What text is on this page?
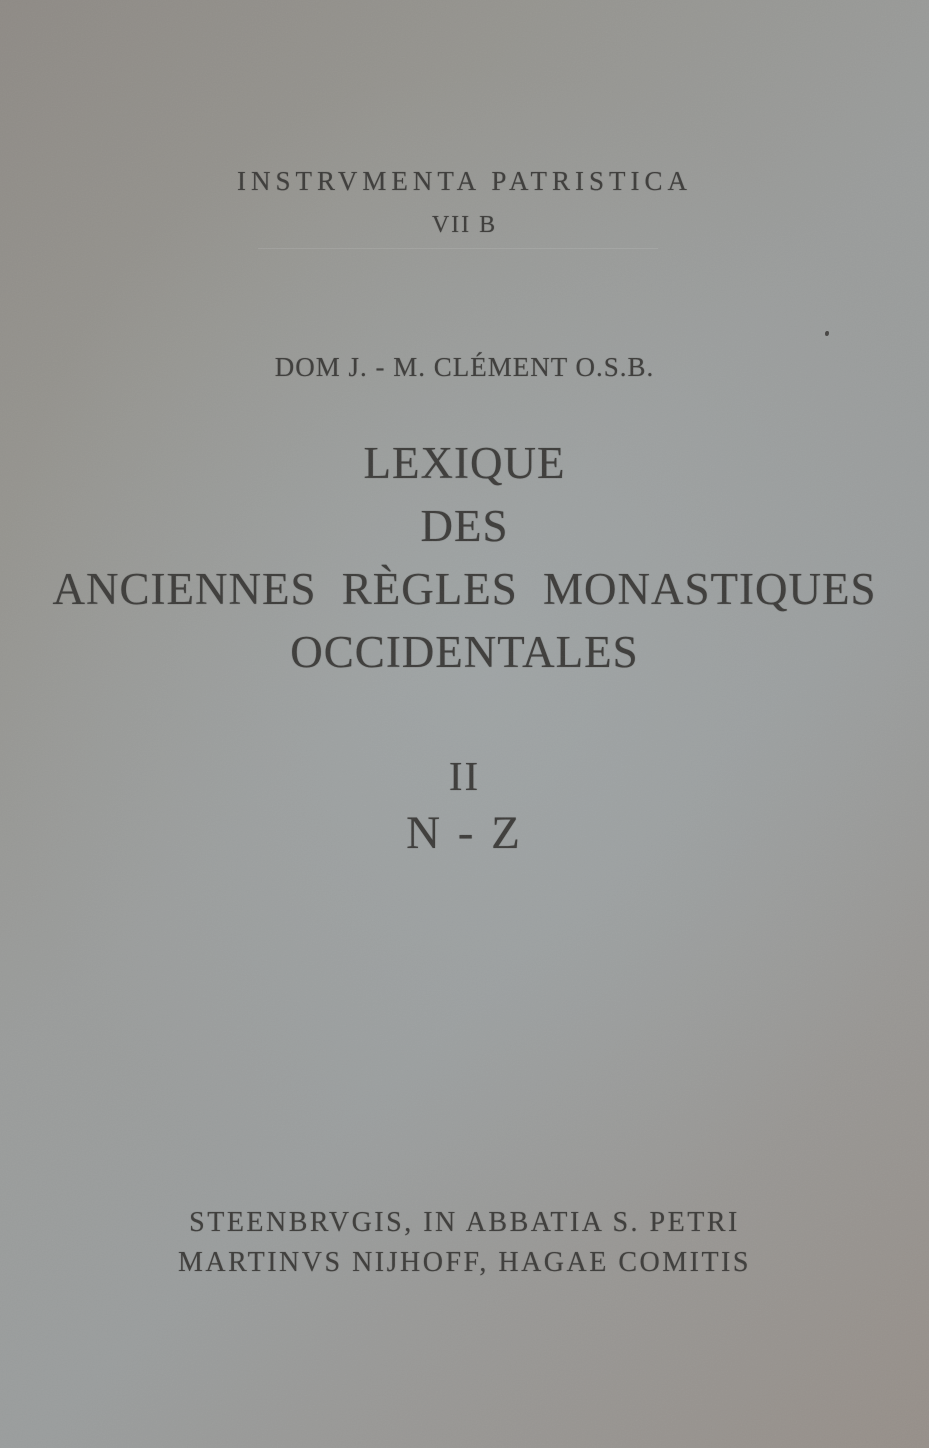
INSTRVMENTA PATRISTICA
VII B
DOM J. - M. CLÉMENT O.S.B.
LEXIQUE
DES
ANCIENNES RÈGLES MONASTIQUES
OCCIDENTALES
II
N - Z
STEENBRVGIS, IN ABBATIA S. PETRI
MARTINVS NIJHOFF, HAGAE COMITIS
